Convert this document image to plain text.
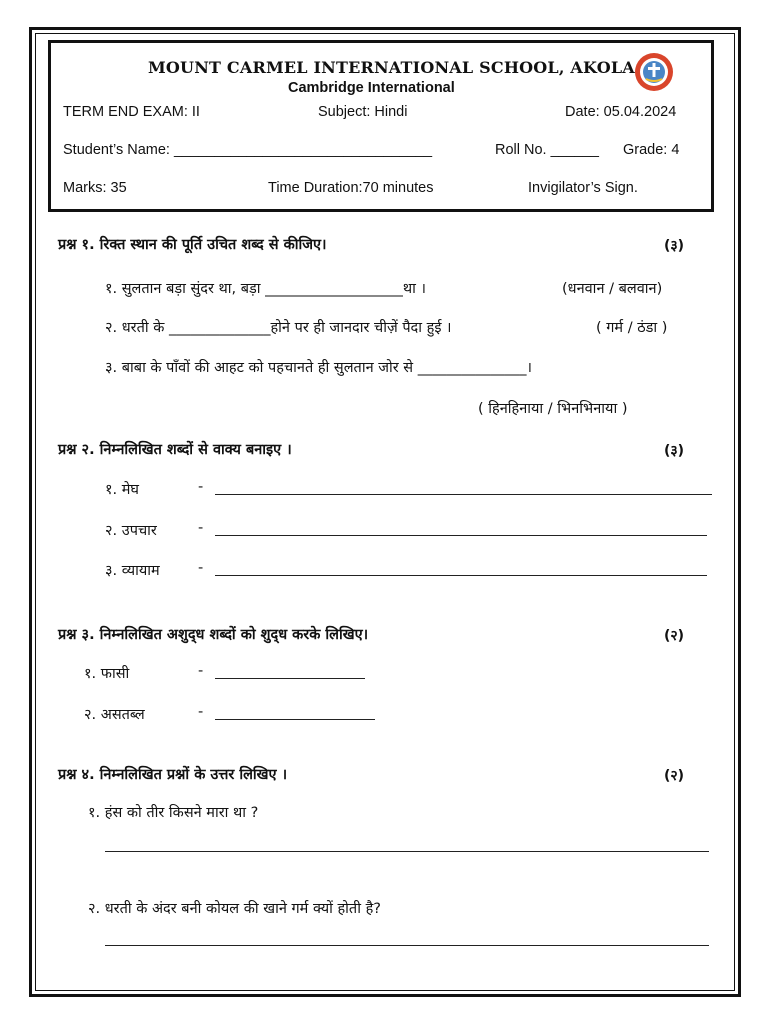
MOUNT CARMEL INTERNATIONAL SCHOOL, AKOLA
Cambridge International
TERM END EXAM: II	Subject: Hindi	Date: 05.04.2024
Student’s Name: ________________________________	Roll No. ______ Grade: 4
Marks: 35	Time Duration:70 minutes	Invigilator’s Sign.
प्रश्न १. रिक्त स्थान की पूर्ति उचित शब्द से कीजिए।	(३)
१. सुलतान बड़ा सुंदर था, बड़ा ___________________था ।	(धनवान / बलवान)
२. धरती के ______________होने पर ही जानदार चीज़ें पैदा हुई ।	( गर्म / ठंडा )
३. बाबा के पाँवों की आहट को पहचानते ही सुलतान जोर से _______________।
( हिनहिनाया / भिनभिनाया )
प्रश्न २. निम्नलिखित शब्दों से वाक्य बनाइए ।	(३)
१. मेघ	-
२. उपचार	-
३. व्यायाम	-
प्रश्न ३. निम्नलिखित अशुद्‌ध शब्दों को शुद्‌ध करके लिखिए।	(२)
१. फासी	-
२. असतब्ल	-
प्रश्न ४. निम्नलिखित प्रश्नों के उत्तर लिखिए ।	(२)
१. हंस को तीर किसने मारा था ?
२. धरती के अंदर बनी कोयल की खाने गर्म क्यों होती है?
